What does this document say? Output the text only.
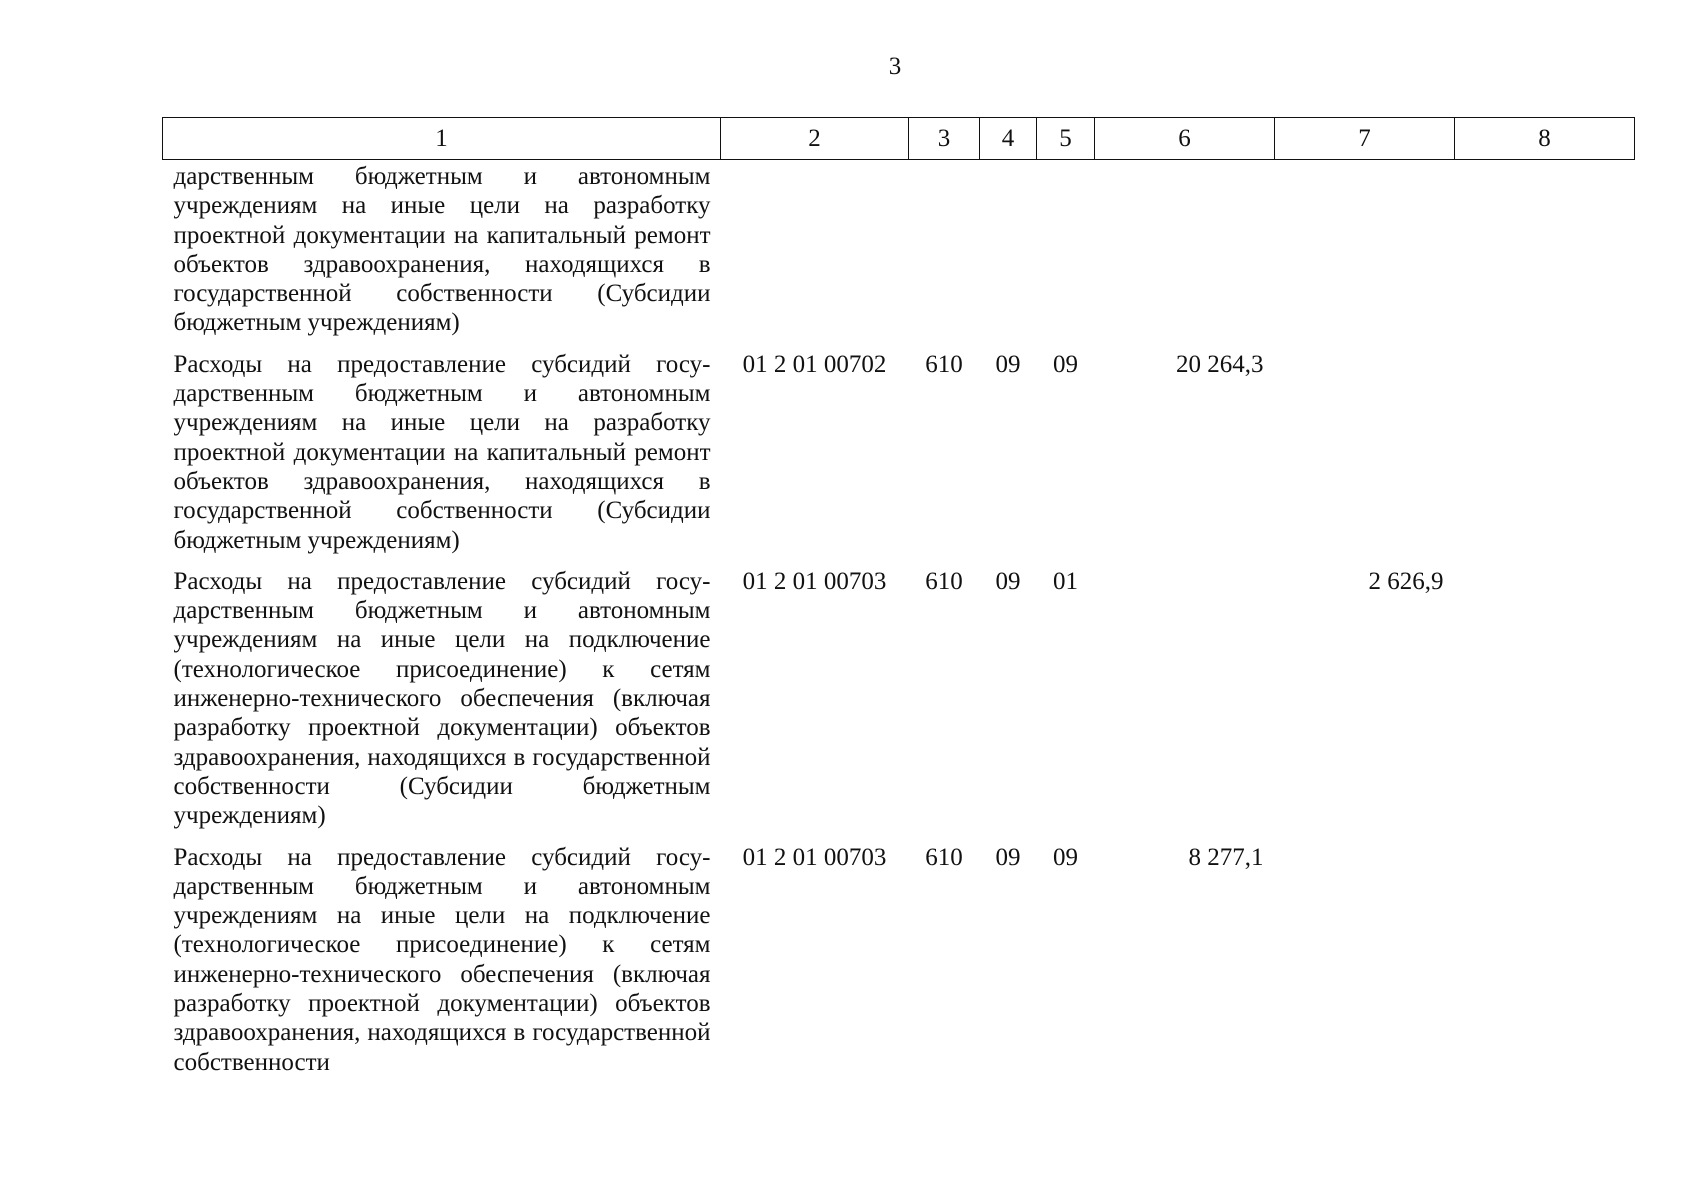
3
1	2	3	4	5	6	7	8
дарственным бюджетным и автономным учреждениям на иные цели на разработку проектной документации на капитальный ремонт объектов здравоохранения, находящихся в государственной собственности (Субсидии бюджетным учреждениям)							
Расходы на предоставление субсидий государственным бюджетным и автономным учреждениям на иные цели на разработку проектной документации на капитальный ремонт объектов здравоохранения, находящихся в государственной собственности (Субсидии бюджетным учреждениям)	01 2 01 00702	610	09	09	20 264,3		
Расходы на предоставление субсидий государственным бюджетным и автономным учреждениям на иные цели на подключение (технологическое присоединение) к сетям инженерно-технического обеспечения (включая разработку проектной документации) объектов здравоохранения, находящихся в государственной собственности (Субсидии бюджетным учреждениям)	01 2 01 00703	610	09	01		2 626,9	
Расходы на предоставление субсидий государственным бюджетным и автономным учреждениям на иные цели на подключение (технологическое присоединение) к сетям инженерно-технического обеспечения (включая разработку проектной документации) объектов здравоохранения, находящихся в государственной собственности	01 2 01 00703	610	09	09	8 277,1		
